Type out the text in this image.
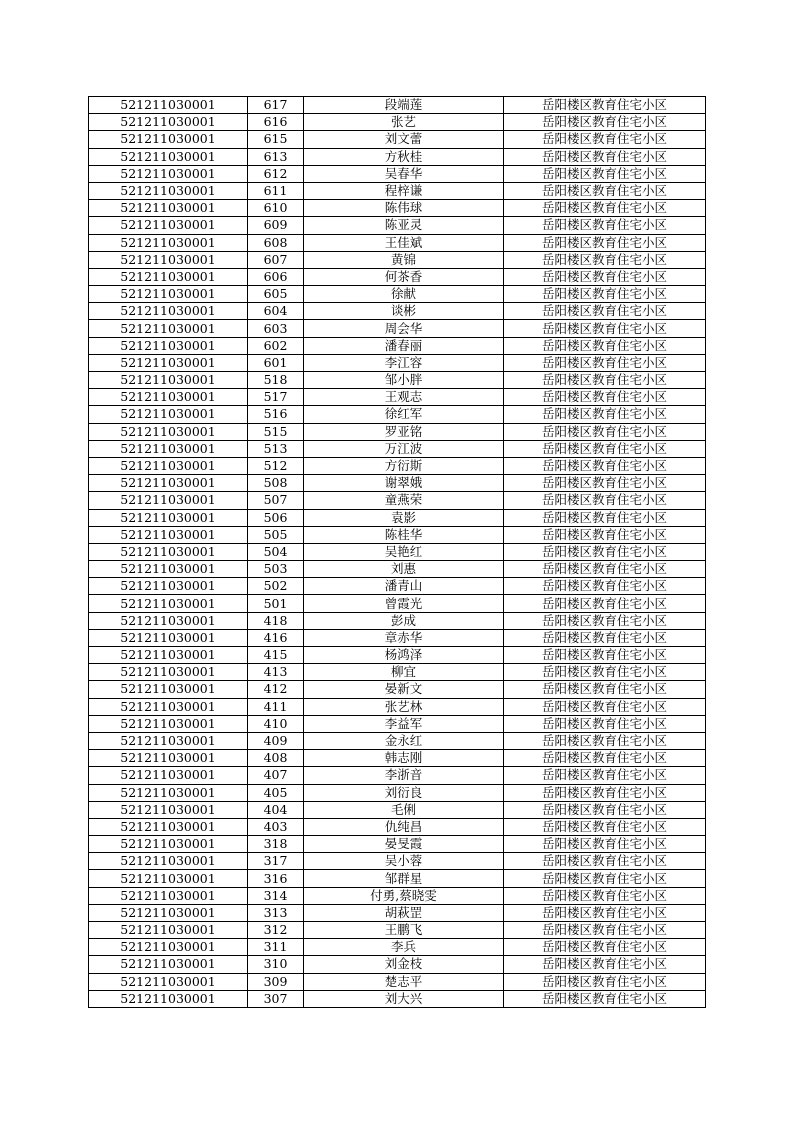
521211030001	617	段端莲	岳阳楼区教育住宅小区
521211030001	616	张艺	岳阳楼区教育住宅小区
521211030001	615	刘文蕾	岳阳楼区教育住宅小区
521211030001	613	方秋桂	岳阳楼区教育住宅小区
521211030001	612	吴春华	岳阳楼区教育住宅小区
521211030001	611	程梓谦	岳阳楼区教育住宅小区
521211030001	610	陈伟球	岳阳楼区教育住宅小区
521211030001	609	陈亚灵	岳阳楼区教育住宅小区
521211030001	608	王佳斌	岳阳楼区教育住宅小区
521211030001	607	黄锦	岳阳楼区教育住宅小区
521211030001	606	何茶香	岳阳楼区教育住宅小区
521211030001	605	徐献	岳阳楼区教育住宅小区
521211030001	604	谈彬	岳阳楼区教育住宅小区
521211030001	603	周会华	岳阳楼区教育住宅小区
521211030001	602	潘春丽	岳阳楼区教育住宅小区
521211030001	601	李江容	岳阳楼区教育住宅小区
521211030001	518	邹小胖	岳阳楼区教育住宅小区
521211030001	517	王观志	岳阳楼区教育住宅小区
521211030001	516	徐红军	岳阳楼区教育住宅小区
521211030001	515	罗亚铭	岳阳楼区教育住宅小区
521211030001	513	万江波	岳阳楼区教育住宅小区
521211030001	512	方衍斯	岳阳楼区教育住宅小区
521211030001	508	谢翠娥	岳阳楼区教育住宅小区
521211030001	507	童燕荣	岳阳楼区教育住宅小区
521211030001	506	袁影	岳阳楼区教育住宅小区
521211030001	505	陈桂华	岳阳楼区教育住宅小区
521211030001	504	吴艳红	岳阳楼区教育住宅小区
521211030001	503	刘惠	岳阳楼区教育住宅小区
521211030001	502	潘青山	岳阳楼区教育住宅小区
521211030001	501	曾霞光	岳阳楼区教育住宅小区
521211030001	418	彭成	岳阳楼区教育住宅小区
521211030001	416	章赤华	岳阳楼区教育住宅小区
521211030001	415	杨鸿泽	岳阳楼区教育住宅小区
521211030001	413	柳宜	岳阳楼区教育住宅小区
521211030001	412	晏新文	岳阳楼区教育住宅小区
521211030001	411	张艺林	岳阳楼区教育住宅小区
521211030001	410	李益军	岳阳楼区教育住宅小区
521211030001	409	金永红	岳阳楼区教育住宅小区
521211030001	408	韩志刚	岳阳楼区教育住宅小区
521211030001	407	李浙音	岳阳楼区教育住宅小区
521211030001	405	刘衍良	岳阳楼区教育住宅小区
521211030001	404	毛俐	岳阳楼区教育住宅小区
521211030001	403	仇纯昌	岳阳楼区教育住宅小区
521211030001	318	晏旻霞	岳阳楼区教育住宅小区
521211030001	317	吴小蓉	岳阳楼区教育住宅小区
521211030001	316	邹群星	岳阳楼区教育住宅小区
521211030001	314	付勇,蔡晓雯	岳阳楼区教育住宅小区
521211030001	313	胡萩罡	岳阳楼区教育住宅小区
521211030001	312	王鹏飞	岳阳楼区教育住宅小区
521211030001	311	李兵	岳阳楼区教育住宅小区
521211030001	310	刘金枝	岳阳楼区教育住宅小区
521211030001	309	楚志平	岳阳楼区教育住宅小区
521211030001	307	刘大兴	岳阳楼区教育住宅小区
